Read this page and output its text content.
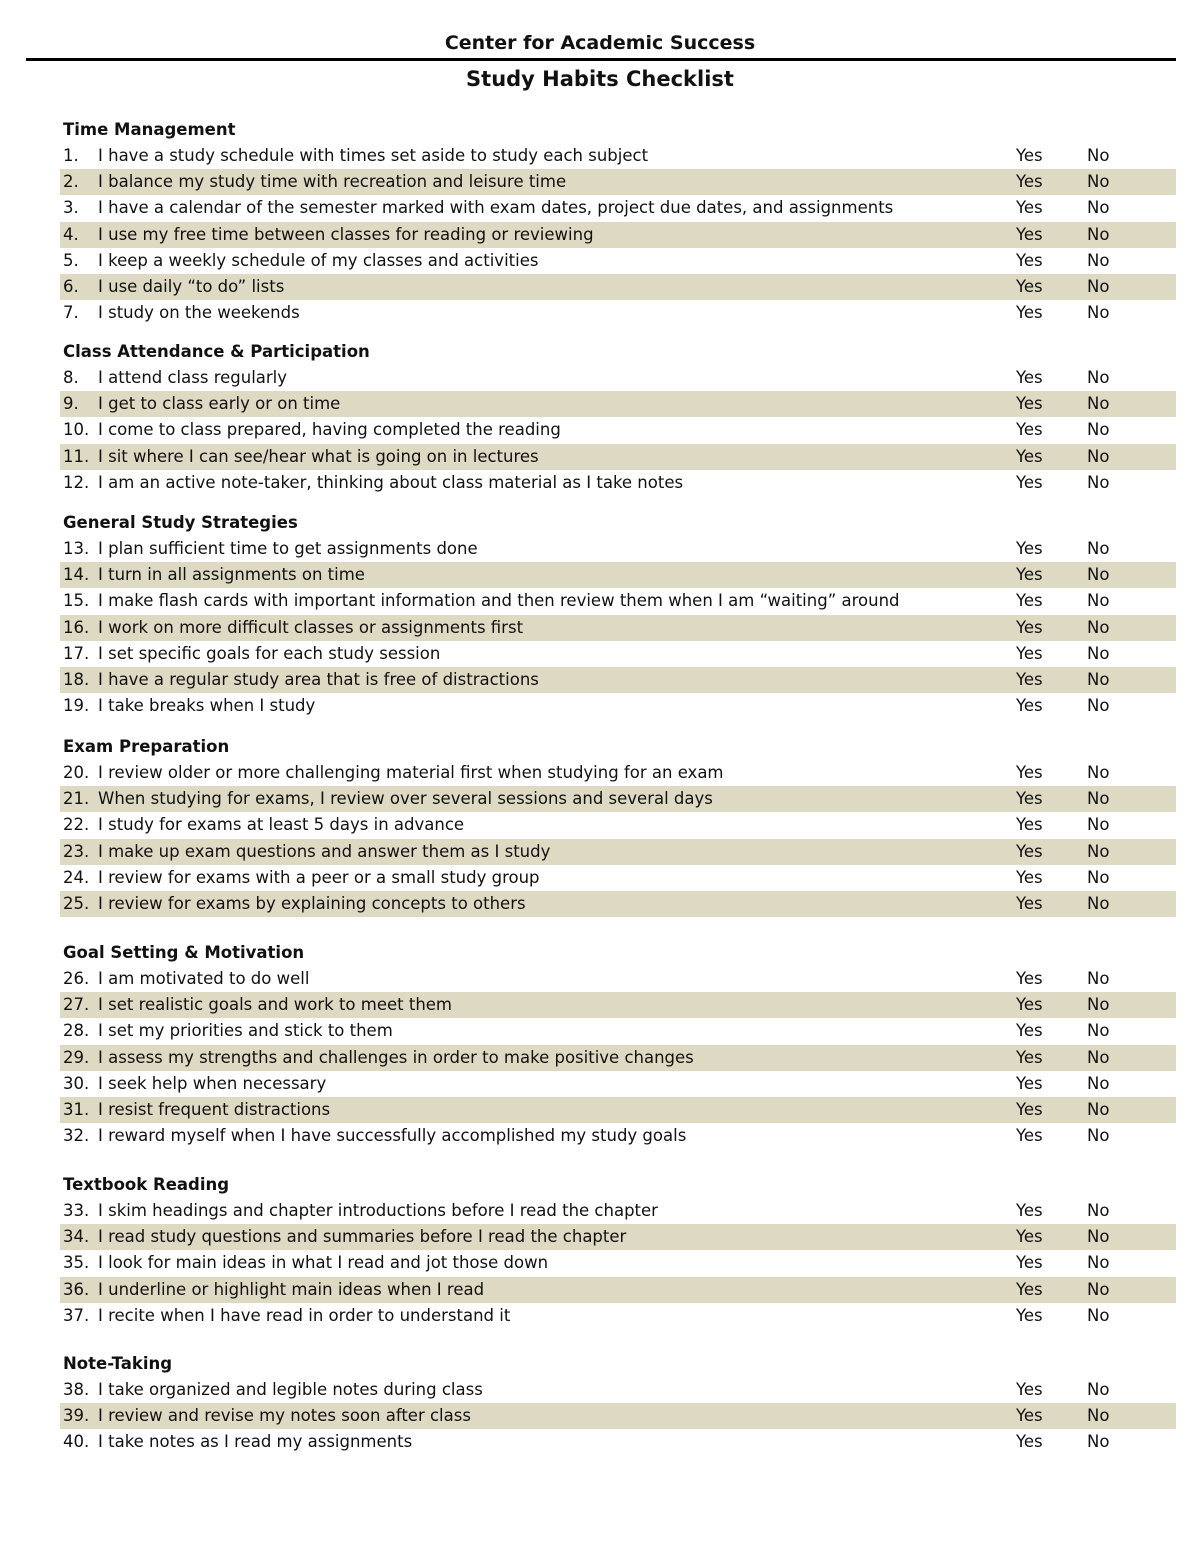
Center for Academic Success
Study Habits Checklist
Time Management
1. I have a study schedule with times set aside to study each subject	Yes	No
2. I balance my study time with recreation and leisure time	Yes	No
3. I have a calendar of the semester marked with exam dates, project due dates, and assignments	Yes	No
4. I use my free time between classes for reading or reviewing	Yes	No
5. I keep a weekly schedule of my classes and activities	Yes	No
6. I use daily “to do” lists	Yes	No
7. I study on the weekends	Yes	No
Class Attendance & Participation
8. I attend class regularly	Yes	No
9. I get to class early or on time	Yes	No
10. I come to class prepared, having completed the reading	Yes	No
11. I sit where I can see/hear what is going on in lectures	Yes	No
12. I am an active note-taker, thinking about class material as I take notes	Yes	No
General Study Strategies
13. I plan sufficient time to get assignments done	Yes	No
14. I turn in all assignments on time	Yes	No
15. I make flash cards with important information and then review them when I am “waiting” around	Yes	No
16. I work on more difficult classes or assignments first	Yes	No
17. I set specific goals for each study session	Yes	No
18. I have a regular study area that is free of distractions	Yes	No
19. I take breaks when I study	Yes	No
Exam Preparation
20. I review older or more challenging material first when studying for an exam	Yes	No
21. When studying for exams, I review over several sessions and several days	Yes	No
22. I study for exams at least 5 days in advance	Yes	No
23. I make up exam questions and answer them as I study	Yes	No
24. I review for exams with a peer or a small study group	Yes	No
25. I review for exams by explaining concepts to others	Yes	No
Goal Setting & Motivation
26. I am motivated to do well	Yes	No
27. I set realistic goals and work to meet them	Yes	No
28. I set my priorities and stick to them	Yes	No
29. I assess my strengths and challenges in order to make positive changes	Yes	No
30. I seek help when necessary	Yes	No
31. I resist frequent distractions	Yes	No
32. I reward myself when I have successfully accomplished my study goals	Yes	No
Textbook Reading
33. I skim headings and chapter introductions before I read the chapter	Yes	No
34. I read study questions and summaries before I read the chapter	Yes	No
35. I look for main ideas in what I read and jot those down	Yes	No
36. I underline or highlight main ideas when I read	Yes	No
37. I recite when I have read in order to understand it	Yes	No
Note-Taking
38. I take organized and legible notes during class	Yes	No
39. I review and revise my notes soon after class	Yes	No
40. I take notes as I read my assignments	Yes	No
